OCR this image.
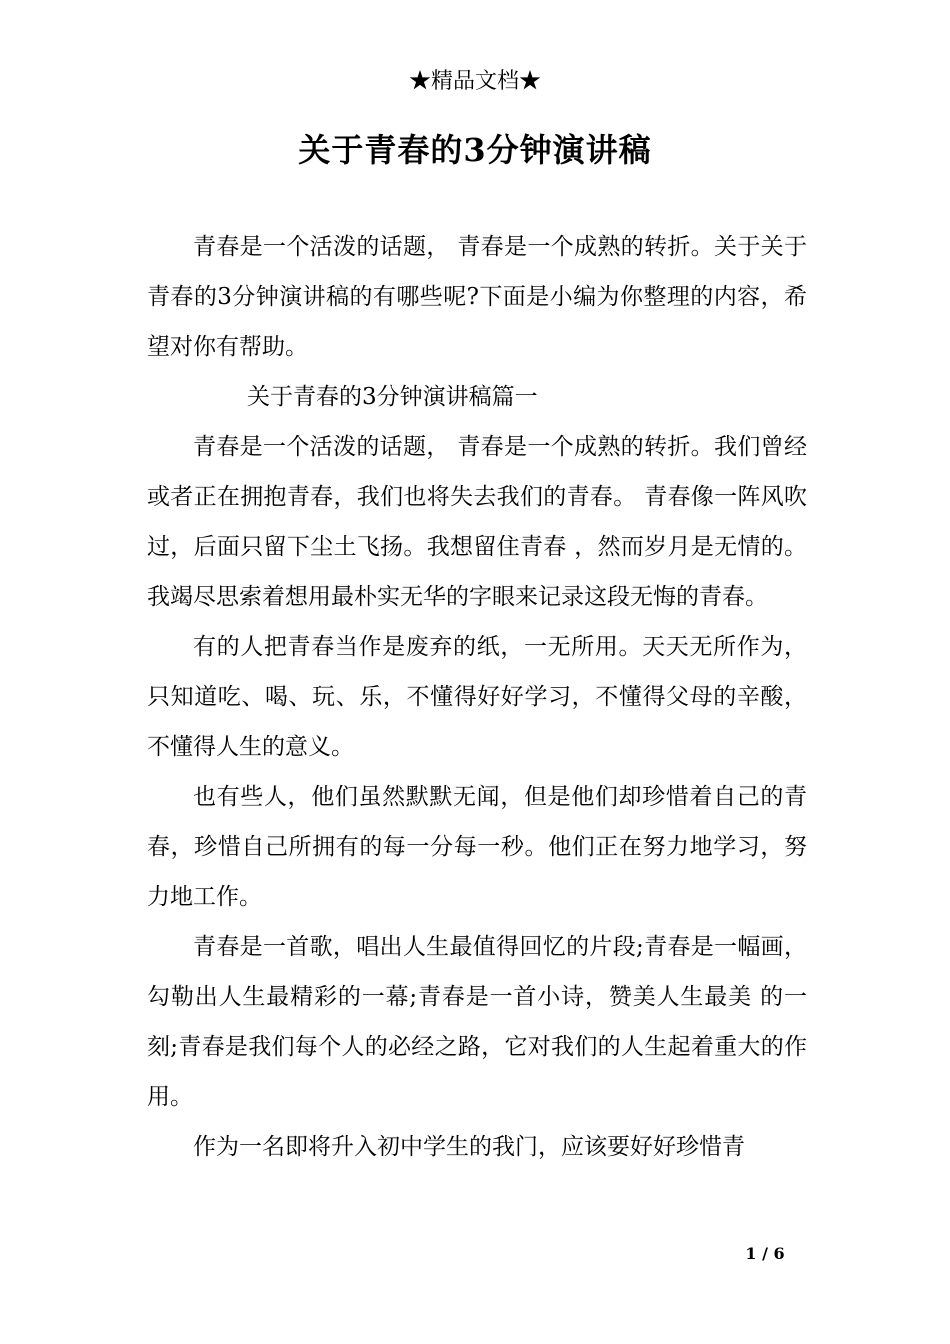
★精品文档★
关于青春的3分钟演讲稿

青春是一个活泼的话题， 青春是一个成熟的转折。关于关于青春的3分钟演讲稿的有哪些呢?下面是小编为你整理的内容，希望对你有帮助。

关于青春的3分钟演讲稿篇一

青春是一个活泼的话题， 青春是一个成熟的转折。我们曾经或者正在拥抱青春，我们也将失去我们的青春。 青春像一阵风吹过，后面只留下尘土飞扬。我想留住青春 ，然而岁月是无情的。我竭尽思索着想用最朴实无华的字眼来记录这段无悔的青春。

有的人把青春当作是废弃的纸，一无所用。天天无所作为，只知道吃、喝、玩、乐，不懂得好好学习，不懂得父母的辛酸，不懂得人生的意义。

也有些人，他们虽然默默无闻，但是他们却珍惜着自己的青春，珍惜自己所拥有的每一分每一秒。他们正在努力地学习，努力地工作。

青春是一首歌，唱出人生最值得回忆的片段;青春是一幅画，勾勒出人生最精彩的一幕;青春是一首小诗，赞美人生最美 的一刻;青春是我们每个人的必经之路，它对我们的人生起着重大的作用。

作为一名即将升入初中学生的我门，应该要好好珍惜青

1 / 6
